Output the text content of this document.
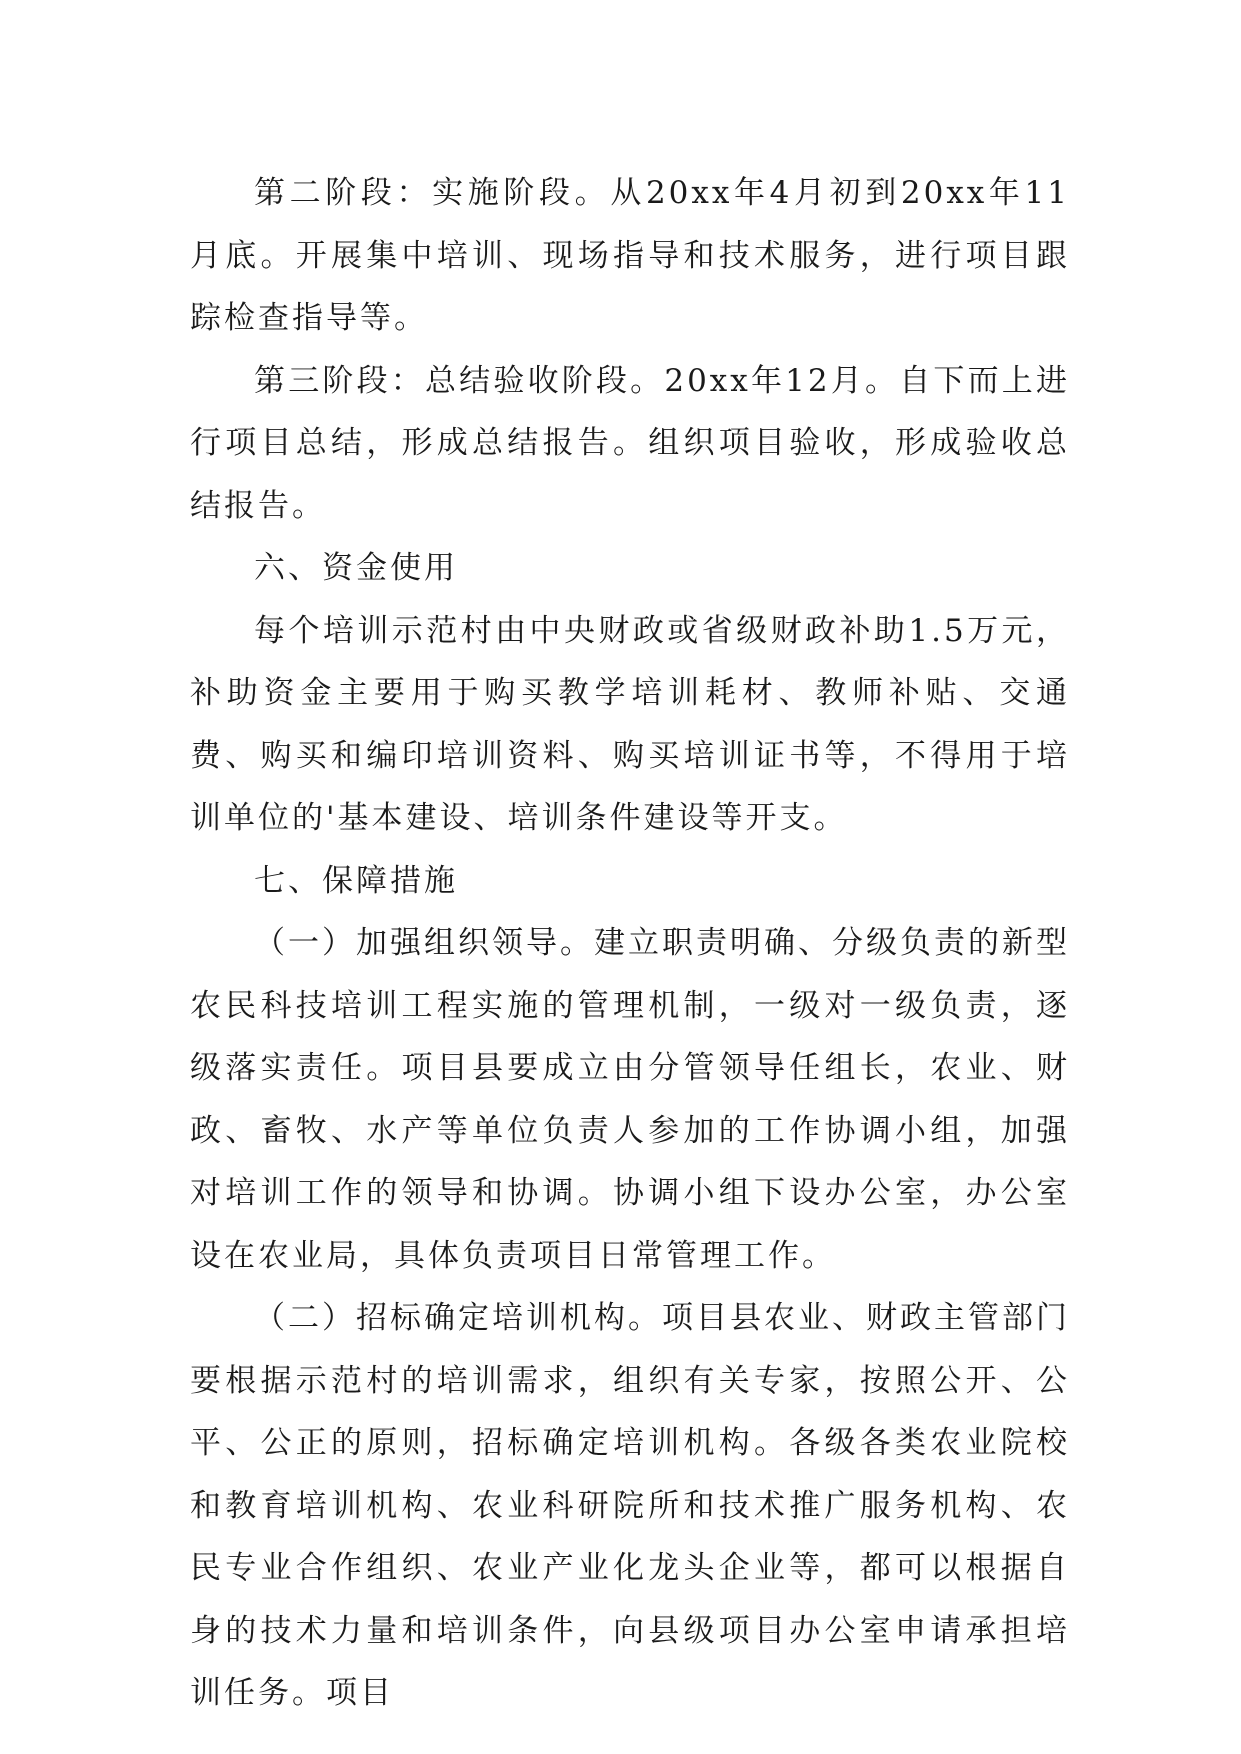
第二阶段：实施阶段。从20xx年4月初到20xx年11月底。开展集中培训、现场指导和技术服务，进行项目跟踪检查指导等。

第三阶段：总结验收阶段。20xx年12月。自下而上进行项目总结，形成总结报告。组织项目验收，形成验收总结报告。

六、资金使用

每个培训示范村由中央财政或省级财政补助1.5万元，补助资金主要用于购买教学培训耗材、教师补贴、交通费、购买和编印培训资料、购买培训证书等，不得用于培训单位的'基本建设、培训条件建设等开支。

七、保障措施

（一）加强组织领导。建立职责明确、分级负责的新型农民科技培训工程实施的管理机制，一级对一级负责，逐级落实责任。项目县要成立由分管领导任组长，农业、财政、畜牧、水产等单位负责人参加的工作协调小组，加强对培训工作的领导和协调。协调小组下设办公室，办公室设在农业局，具体负责项目日常管理工作。

（二）招标确定培训机构。项目县农业、财政主管部门要根据示范村的培训需求，组织有关专家，按照公开、公平、公正的原则，招标确定培训机构。各级各类农业院校和教育培训机构、农业科研院所和技术推广服务机构、农民专业合作组织、农业产业化龙头企业等，都可以根据自身的技术力量和培训条件，向县级项目办公室申请承担培训任务。项目
